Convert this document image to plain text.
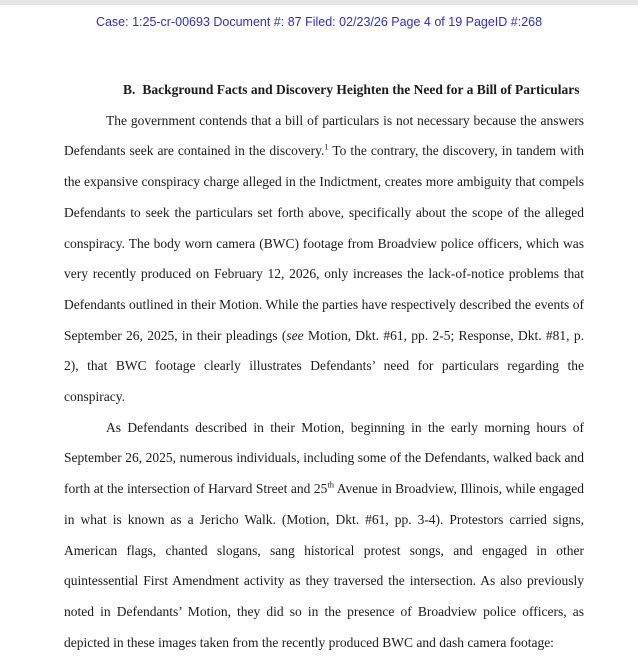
Case: 1:25-cr-00693 Document #: 87 Filed: 02/23/26 Page 4 of 19 PageID #:268
B. Background Facts and Discovery Heighten the Need for a Bill of Particulars

The government contends that a bill of particulars is not necessary because the answers Defendants seek are contained in the discovery.$^1$ To the contrary, the discovery, in tandem with the expansive conspiracy charge alleged in the Indictment, creates more ambiguity that compels Defendants to seek the particulars set forth above, specifically about the scope of the alleged conspiracy. The body worn camera (BWC) footage from Broadview police officers, which was very recently produced on February 12, 2026, only increases the lack-of-notice problems that Defendants outlined in their Motion. While the parties have respectively described the events of September 26, 2025, in their pleadings (see Motion, Dkt. #61, pp. 2-5; Response, Dkt. #81, p. 2), that BWC footage clearly illustrates Defendants’ need for particulars regarding the conspiracy.

As Defendants described in their Motion, beginning in the early morning hours of September 26, 2025, numerous individuals, including some of the Defendants, walked back and forth at the intersection of Harvard Street and 25th Avenue in Broadview, Illinois, while engaged in what is known as a Jericho Walk. (Motion, Dkt. #61, pp. 3-4). Protestors carried signs, American flags, chanted slogans, sang historical protest songs, and engaged in other quintessential First Amendment activity as they traversed the intersection. As also previously noted in Defendants’ Motion, they did so in the presence of Broadview police officers, as depicted in these images taken from the recently produced BWC and dash camera footage:
